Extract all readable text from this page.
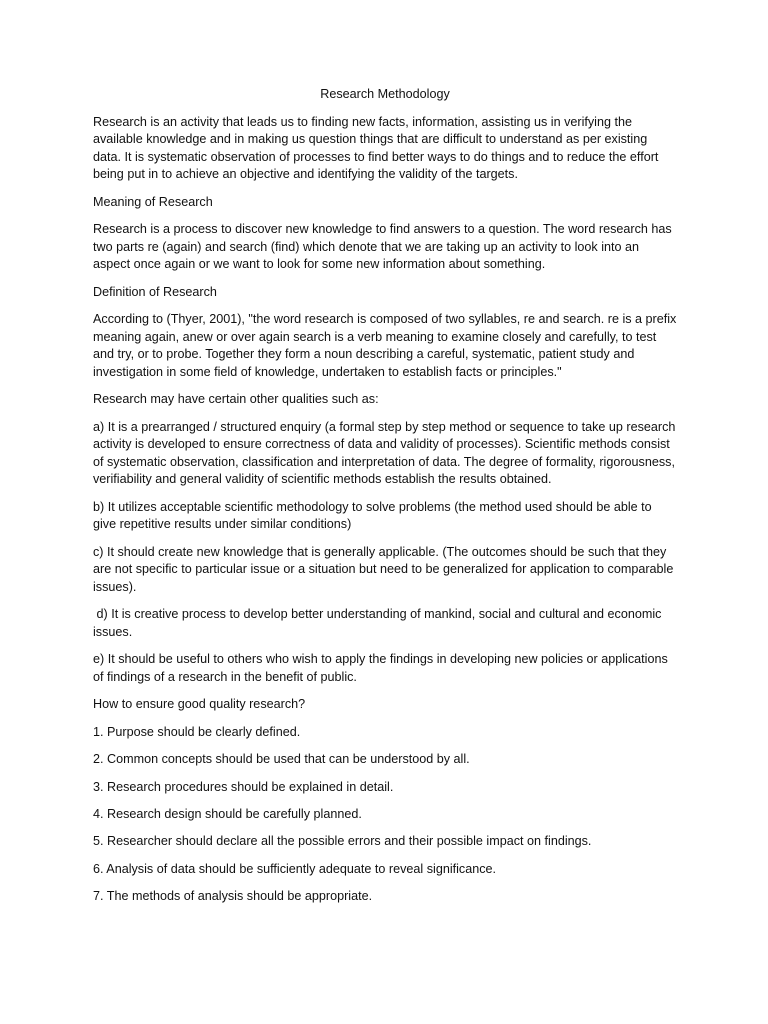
Research Methodology

Research is an activity that leads us to finding new facts, information, assisting us in verifying the available knowledge and in making us question things that are difficult to understand as per existing data. It is systematic observation of processes to find better ways to do things and to reduce the effort being put in to achieve an objective and identifying the validity of the targets.

Meaning of Research

Research is a process to discover new knowledge to find answers to a question. The word research has two parts re (again) and search (find) which denote that we are taking up an activity to look into an aspect once again or we want to look for some new information about something.

Definition of Research

According to (Thyer, 2001), "the word research is composed of two syllables, re and search. re is a prefix meaning again, anew or over again search is a verb meaning to examine closely and carefully, to test and try, or to probe. Together they form a noun describing a careful, systematic, patient study and investigation in some field of knowledge, undertaken to establish facts or principles."

Research may have certain other qualities such as:

a) It is a prearranged / structured enquiry (a formal step by step method or sequence to take up research activity is developed to ensure correctness of data and validity of processes). Scientific methods consist of systematic observation, classification and interpretation of data. The degree of formality, rigorousness, verifiability and general validity of scientific methods establish the results obtained.

b) It utilizes acceptable scientific methodology to solve problems (the method used should be able to give repetitive results under similar conditions)

c) It should create new knowledge that is generally applicable. (The outcomes should be such that they are not specific to particular issue or a situation but need to be generalized for application to comparable issues).

d) It is creative process to develop better understanding of mankind, social and cultural and economic issues.

e) It should be useful to others who wish to apply the findings in developing new policies or applications of findings of a research in the benefit of public.

How to ensure good quality research?

1. Purpose should be clearly defined.

2. Common concepts should be used that can be understood by all.

3. Research procedures should be explained in detail.

4. Research design should be carefully planned.

5. Researcher should declare all the possible errors and their possible impact on findings.

6. Analysis of data should be sufficiently adequate to reveal significance.

7. The methods of analysis should be appropriate.
